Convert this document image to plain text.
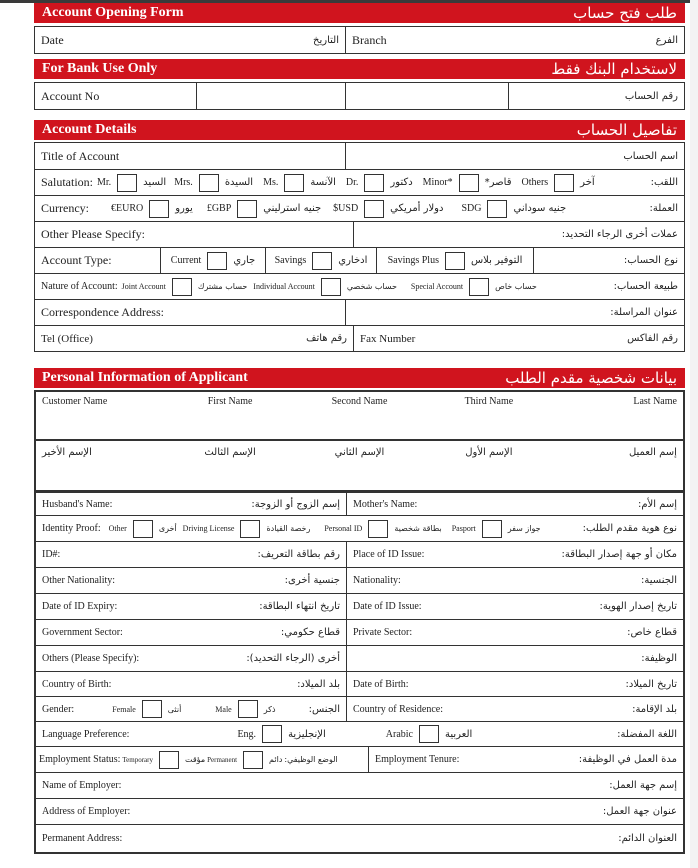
Account Opening Form	طلب فتح حساب
Date	التاريخ Branch	الفرع
For Bank Use Only	لاستخدام البنك فقط
Account No	رقم الحساب
Account Details	تفاصيل الحساب
Title of Account	اسم الحساب
Salutation: Mr.	السيد Mrs.	السيدة Ms.	الآنسة Dr.	دكتور Minor*	قاصر* Others	آخر	اللقب:
Currency: €EURO	يورو £GBP	جنيه استرليني $USD	دولار أمريكي SDG	جنيه سوداني	العملة:
Other Please Specify:	عملات أخرى الرجاء التحديد:
Account Type:	Current	جاري Savings	ادخاري Savings Plus	التوفير بلاس	نوع الحساب:
Nature of Account: Joint Account	حساب مشترك Individual Account	حساب شخصي Special Account	حساب خاص	طبيعة الحساب:
Correspondence Address:	عنوان المراسلة:
Tel (Office)	رقم هاتف Fax Number	رقم الفاكس
Personal Information of Applicant	بيانات شخصية مقدم الطلب
Customer Name	First Name	Second Name	Third Name	Last Name
الإسم الأخير	الإسم الثالث	الإسم الثاني	الإسم الأول	إسم العميل
Husband's Name:	إسم الزوج أو الزوجة: Mother's Name:	إسم الأم:
Identity Proof: Other	أخرى Driving License	رخصة القيادة Personal ID	بطاقة شخصية Pasport	جواز سفر	نوع هوية مقدم الطلب:
ID#:	رقم بطاقة التعريف: Place of ID Issue:	مكان أو جهة إصدار البطاقة:
Other Nationality:	جنسية أخرى: Nationality:	الجنسية:
Date of ID Expiry:	تاريخ انتهاء البطاقة: Date of ID Issue:	تاريخ إصدار الهوية:
Government Sector:	قطاع حكومي: Private Sector:	قطاع خاص:
Others (Please Specify):	أخرى (الرجاء التحديد):	الوظيفة:
Country of Birth:	بلد الميلاد: Date of Birth:	تاريخ الميلاد:
Gender:	Female	أنثى	Male	ذكر	الجنس: Country of Residence:	بلد الإقامة:
Language Preference:	Eng.	الإنجليزية	Arabic	العربية	اللغة المفضلة:
Employment Status: Temporary	مؤقت Permanent	دائم الوضع الوظيفي:	Employment Tenure:	مدة العمل في الوظيفة:
Name of Employer:	إسم جهة العمل:
Address of Employer:	عنوان جهة العمل:
Permanent Address:	العنوان الدائم:
